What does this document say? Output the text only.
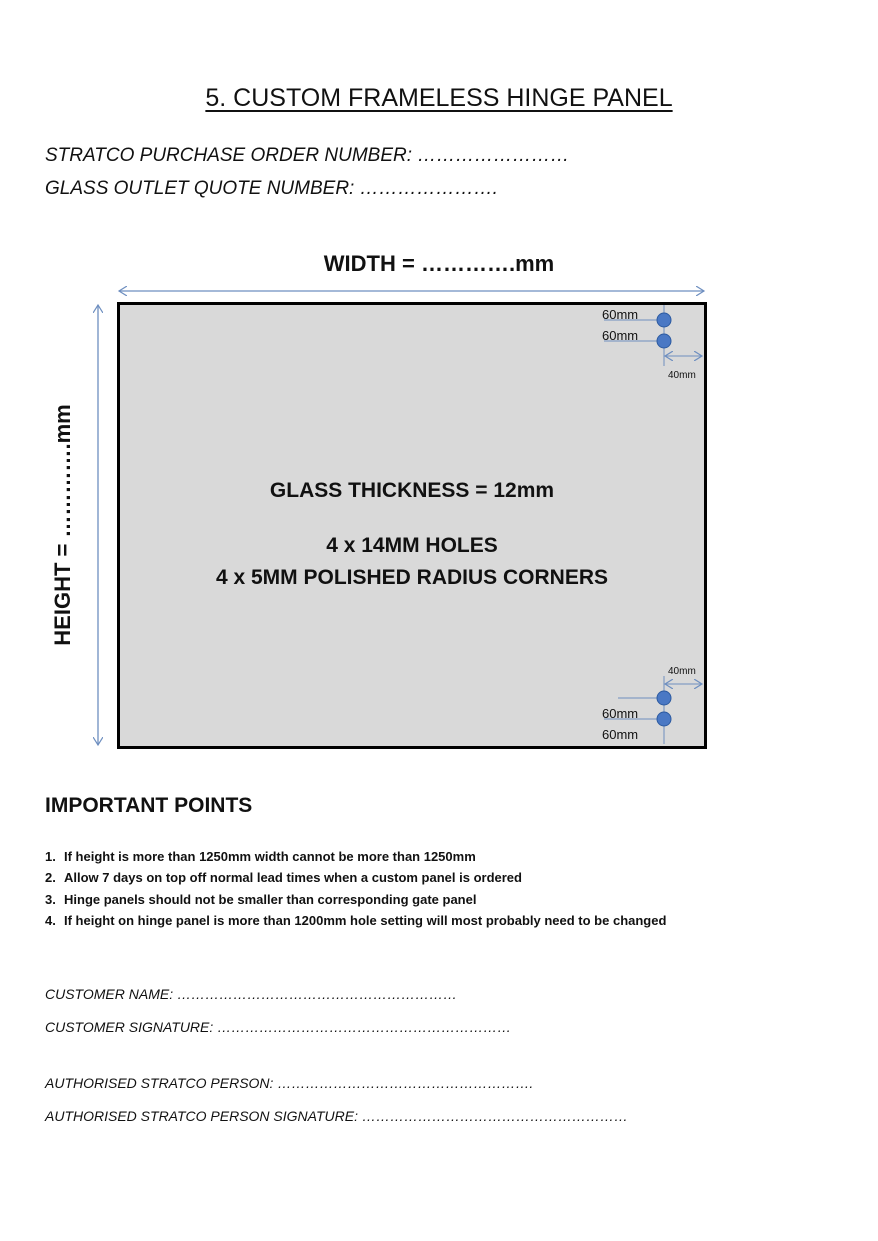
5. CUSTOM FRAMELESS HINGE PANEL
STRATCO PURCHASE ORDER NUMBER: ……………………
GLASS OUTLET QUOTE NUMBER: ………………….
WIDTH = ………….mm
HEIGHT = ………….mm
60mm
60mm
40mm
40mm
60mm
60mm
GLASS THICKNESS = 12mm
4 x 14MM HOLES
4 x 5MM POLISHED RADIUS CORNERS
IMPORTANT POINTS
1. If height is more than 1250mm width cannot be more than 1250mm
2. Allow 7 days on top off normal lead times when a custom panel is ordered
3. Hinge panels should not be smaller than corresponding gate panel
4. If height on hinge panel is more than 1200mm hole setting will most probably need to be changed
CUSTOMER NAME: ……………………………………………………
CUSTOMER SIGNATURE: ………………………………………………………
AUTHORISED STRATCO PERSON: ……………………………………………….
AUTHORISED STRATCO PERSON SIGNATURE: …………………………………………………
